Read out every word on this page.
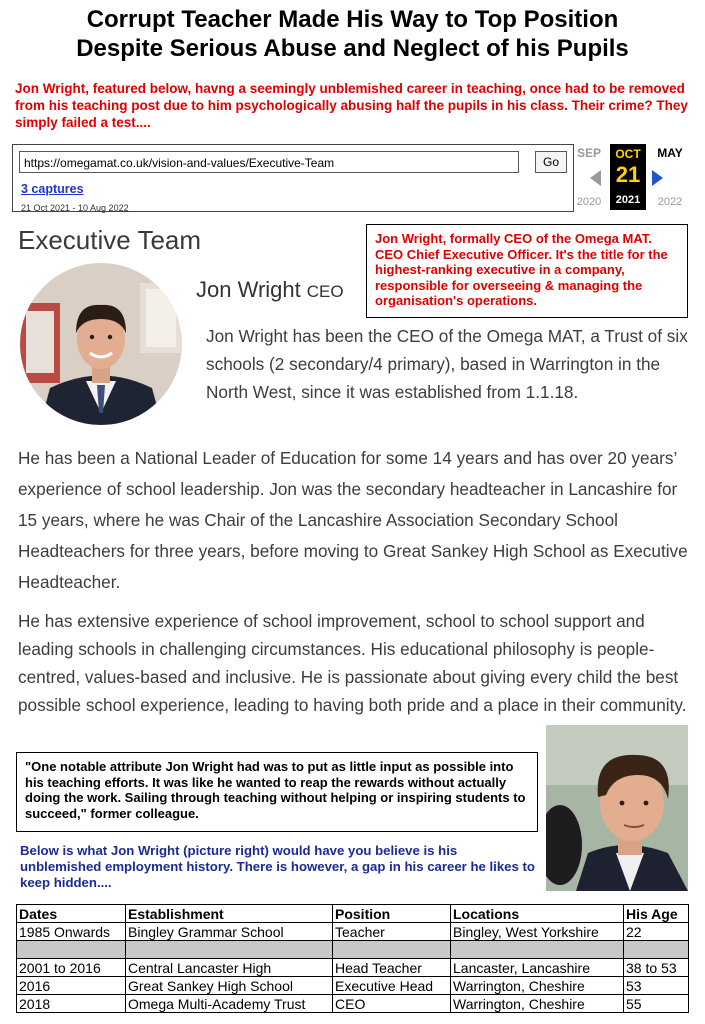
Corrupt Teacher Made His Way to Top Position
Despite Serious Abuse and Neglect of his Pupils
Jon Wright, featured below, havng a seemingly unblemished career in teaching, once had to be removed from his teaching post due to him psychologically abusing half the pupils in his class. Their crime? They simply failed a test....
https://omegamat.co.uk/vision-and-values/Executive-Team	Go
3 captures
21 Oct 2021 - 10 Aug 2022
SEP	MAY
2020	2022
OCT
21
2021
Executive Team	Jon Wright, formally CEO of the Omega MAT. CEO Chief Executive Officer. It's the title for the highest-ranking executive in a company, responsible for overseeing & managing the organisation's operations.
Jon Wright CEO
Jon Wright has been the CEO of the Omega MAT, a Trust of six schools (2 secondary/4 primary), based in Warrington in the North West, since it was established from 1.1.18.
He has been a National Leader of Education for some 14 years and has over 20 years’ experience of school leadership. Jon was the secondary headteacher in Lancashire for 15 years, where he was Chair of the Lancashire Association Secondary School Headteachers for three years, before moving to Great Sankey High School as Executive Headteacher.
He has extensive experience of school improvement, school to school support and leading schools in challenging circumstances. His educational philosophy is people-centred, values-based and inclusive. He is passionate about giving every child the best possible school experience, leading to having both pride and a place in their community.
"One notable attribute Jon Wright had was to put as little input as possible into his teaching efforts. It was like he wanted to reap the rewards without actually doing the work. Sailing through teaching without helping or inspiring students to succeed," former colleague.
Below is what Jon Wright (picture right) would have you believe is his unblemished employment history. There is however, a gap in his career he likes to keep hidden....
Dates	Establishment	Position	Locations	His Age
1985 Onwards	Bingley Grammar School	Teacher	Bingley, West Yorkshire	22

2001 to 2016	Central Lancaster High	Head Teacher	Lancaster, Lancashire	38 to 53
2016	Great Sankey High School	Executive Head	Warrington, Cheshire	53
2018	Omega Multi-Academy Trust	CEO	Warrington, Cheshire	55
